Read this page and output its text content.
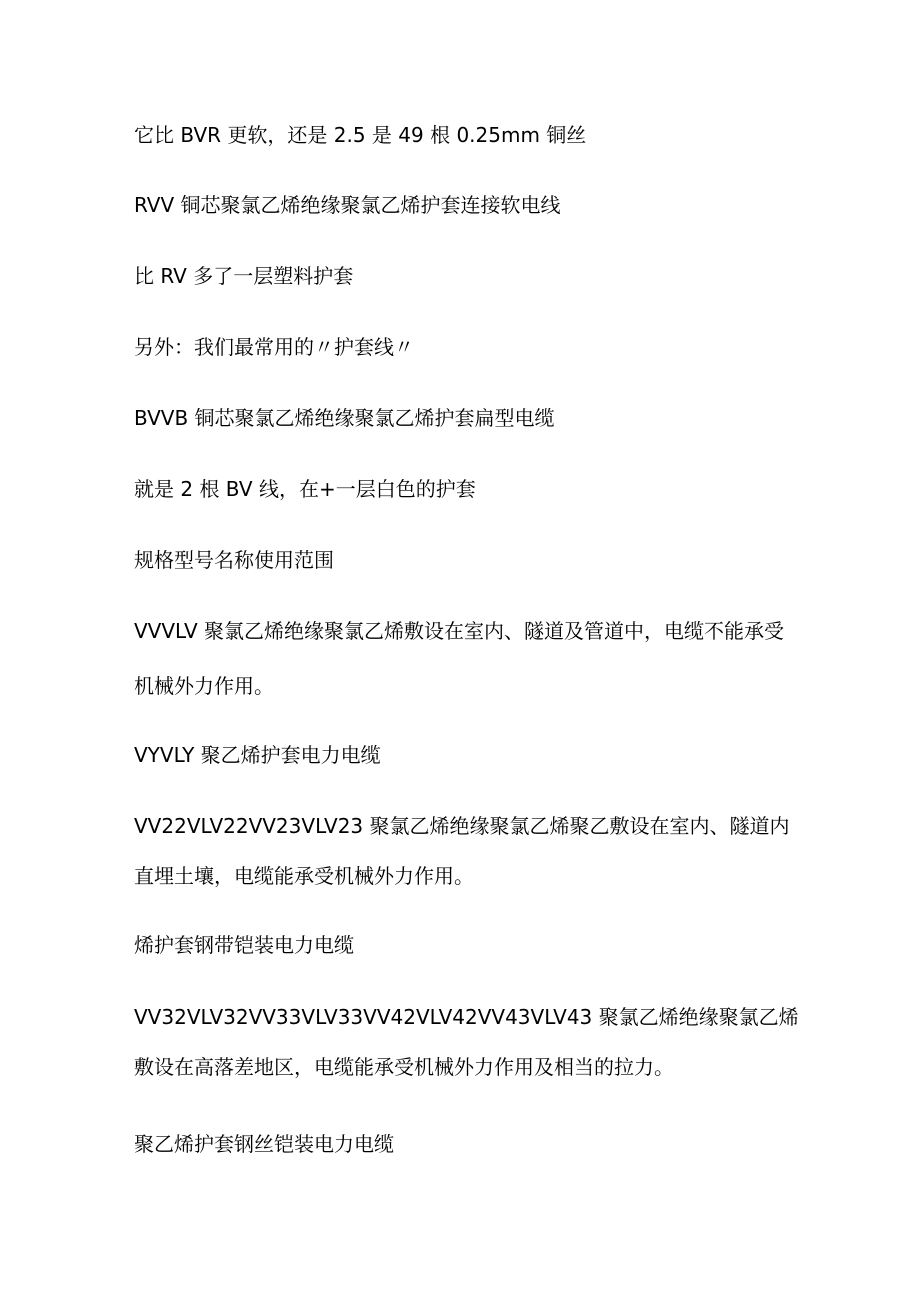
它比 BVR 更软，还是 2.5 是 49 根 0.25mm 铜丝
RVV 铜芯聚氯乙烯绝缘聚氯乙烯护套连接软电线
比 RV 多了一层塑料护套
另外：我们最常用的〃护套线〃
BVVB 铜芯聚氯乙烯绝缘聚氯乙烯护套扁型电缆
就是 2 根 BV 线，在+一层白色的护套
规格型号名称使用范围
VVVLV 聚氯乙烯绝缘聚氯乙烯敷设在室内、隧道及管道中，电缆不能承受
机械外力作用。
VYVLY 聚乙烯护套电力电缆
VV22VLV22VV23VLV23 聚氯乙烯绝缘聚氯乙烯聚乙敷设在室内、隧道内
直埋土壤，电缆能承受机械外力作用。
烯护套钢带铠装电力电缆
VV32VLV32VV33VLV33VV42VLV42VV43VLV43 聚氯乙烯绝缘聚氯乙烯
敷设在高落差地区，电缆能承受机械外力作用及相当的拉力。
聚乙烯护套钢丝铠装电力电缆
